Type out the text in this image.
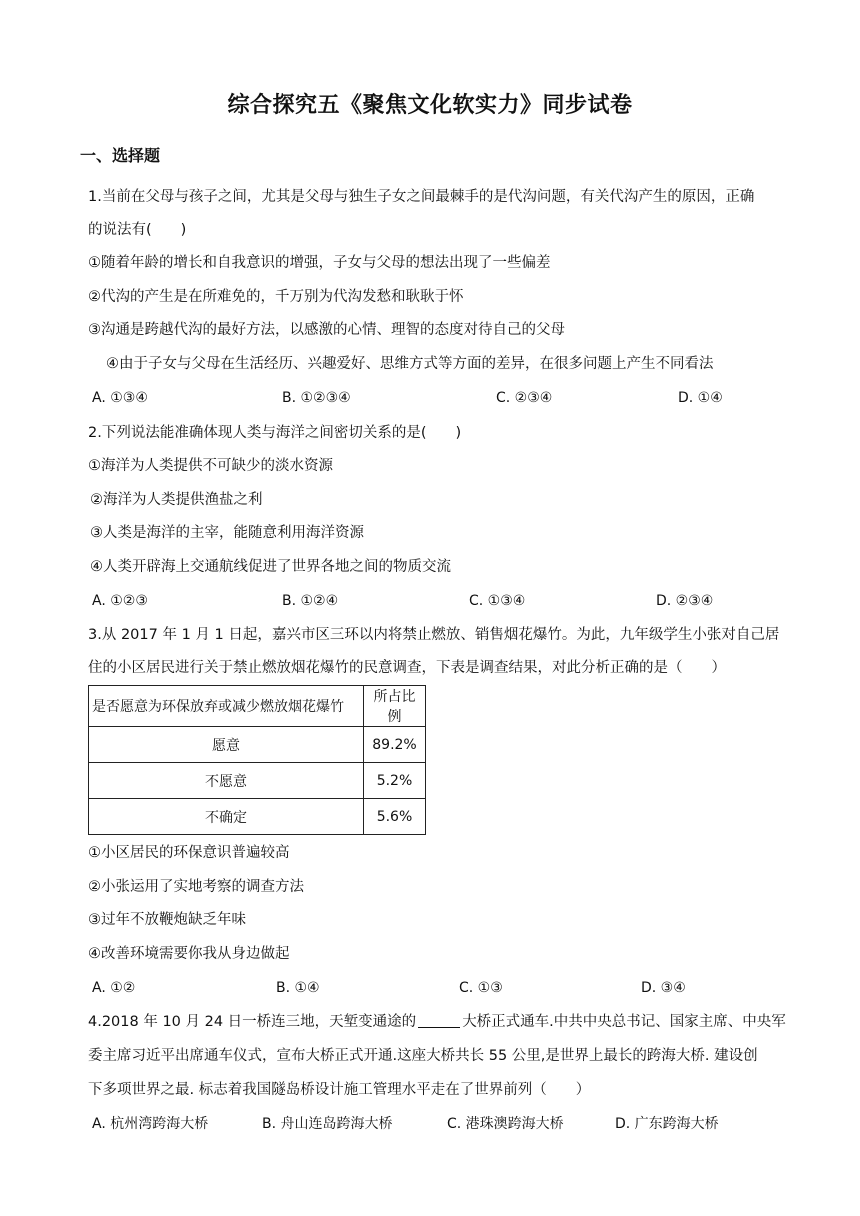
综合探究五《聚焦文化软实力》同步试卷
一、选择题
1.当前在父母与孩子之间，尤其是父母与独生子女之间最棘手的是代沟问题，有关代沟产生的原因，正确
的说法有(　　)
①随着年龄的增长和自我意识的增强，子女与父母的想法出现了一些偏差
②代沟的产生是在所难免的，千万别为代沟发愁和耿耿于怀
③沟通是跨越代沟的最好方法，以感激的心情、理智的态度对待自己的父母
④由于子女与父母在生活经历、兴趣爱好、思维方式等方面的差异，在很多问题上产生不同看法
A. ①③④	B. ①②③④	C. ②③④	D. ①④
2.下列说法能准确体现人类与海洋之间密切关系的是(　　)
①海洋为人类提供不可缺少的淡水资源
②海洋为人类提供渔盐之利
③人类是海洋的主宰，能随意利用海洋资源
④人类开辟海上交通航线促进了世界各地之间的物质交流
A. ①②③	B. ①②④	C. ①③④	D. ②③④
3.从 2017 年 1 月 1 日起，嘉兴市区三环以内将禁止燃放、销售烟花爆竹。为此，九年级学生小张对自己居
住的小区居民进行关于禁止燃放烟花爆竹的民意调查，下表是调查结果，对此分析正确的是（　　）
是否愿意为环保放弃或减少燃放烟花爆竹	所占比例
愿意	89.2%
不愿意	5.2%
不确定	5.6%
①小区居民的环保意识普遍较高
②小张运用了实地考察的调查方法
③过年不放鞭炮缺乏年味
④改善环境需要你我从身边做起
A. ①②	B. ①④	C. ①③	D. ③④
4.2018 年 10 月 24 日一桥连三地，天堑变通途的	大桥正式通车.中共中央总书记、国家主席、中央军
委主席习近平出席通车仪式，宣布大桥正式开通.这座大桥共长 55 公里,是世界上最长的跨海大桥. 建设创
下多项世界之最. 标志着我国隧岛桥设计施工管理水平走在了世界前列（　　）
A. 杭州湾跨海大桥	B. 舟山连岛跨海大桥	C. 港珠澳跨海大桥	D. 广东跨海大桥
